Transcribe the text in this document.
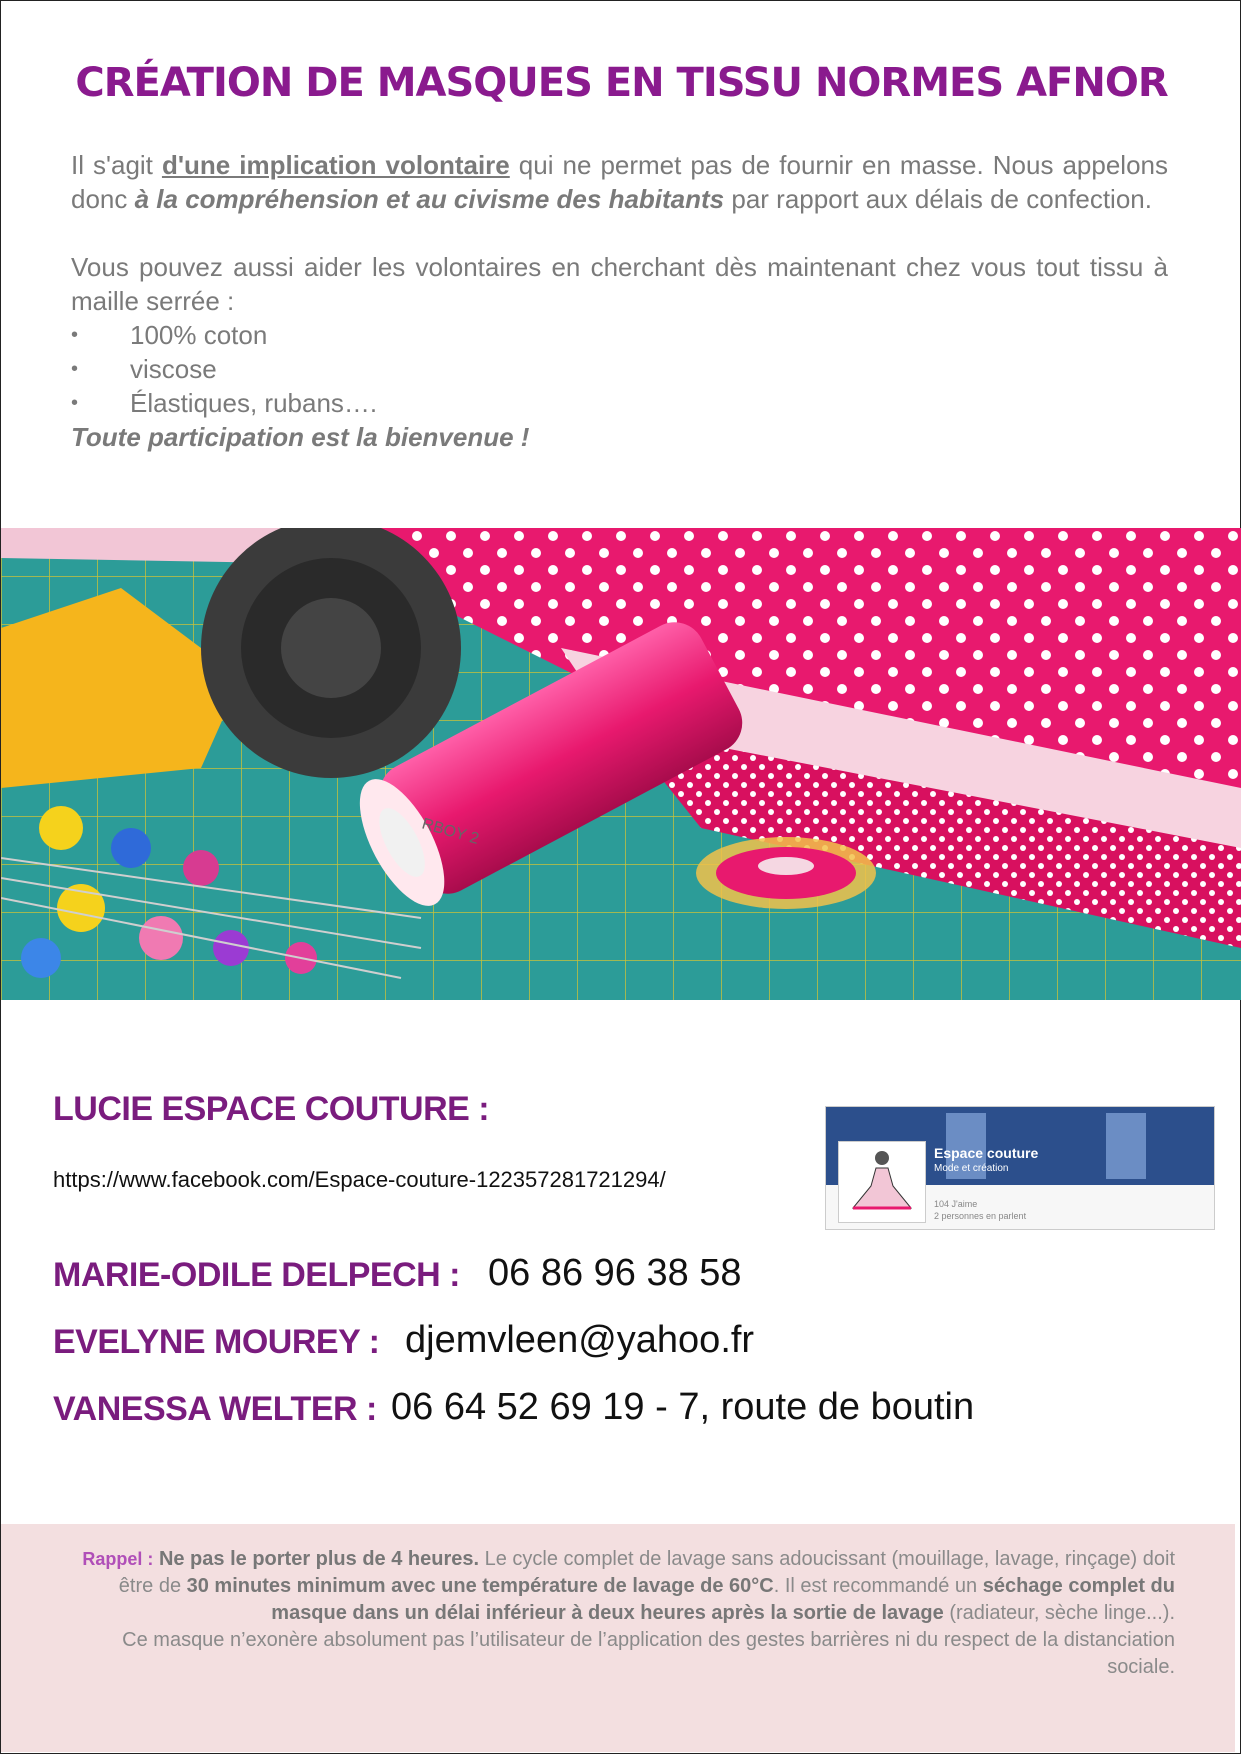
CRÉATION DE MASQUES EN TISSU NORMES AFNOR

Il s'agit d'une implication volontaire qui ne permet pas de fournir en masse. Nous appelons donc à la compréhension et au civisme des habitants par rapport aux délais de confection.

Vous pouvez aussi aider les volontaires en cherchant dès maintenant chez vous tout tissu à maille serrée :

• 100% coton
• viscose
• Élastiques, rubans….

Toute participation est la bienvenue !

RBOY 2
LUCIE ESPACE COUTURE :
https://www.facebook.com/Espace-couture-122357281721294/
Espace couture
Mode et création
104 J'aime
2 personnes en parlent
MARIE-ODILE DELPECH : 06 86 96 38 58
EVELYNE MOUREY : djemvleen@yahoo.fr
VANESSA WELTER : 06 64 52 69 19 - 7, route de boutin
Rappel : Ne pas le porter plus de 4 heures. Le cycle complet de lavage sans adoucissant (mouillage, lavage, rinçage) doit être de 30 minutes minimum avec une température de lavage de 60°C. Il est recommandé un séchage complet du masque dans un délai inférieur à deux heures après la sortie de lavage (radiateur, sèche linge...).
Ce masque n’exonère absolument pas l’utilisateur de l’application des gestes barrières ni du respect de la distanciation sociale.
